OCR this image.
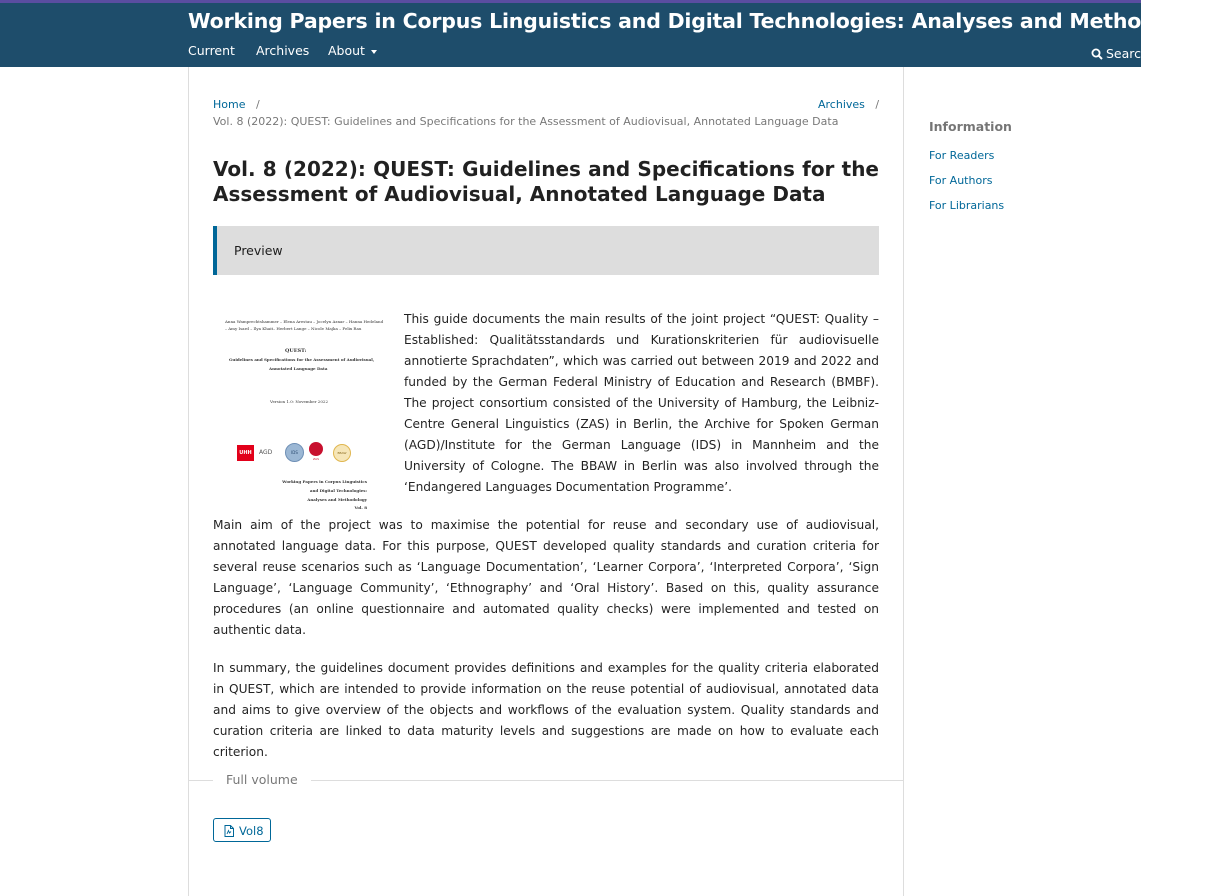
Working Papers in Corpus Linguistics and Digital Technologies: Analyses and Methodology
Current Archives About	Search
Home /
Vol. 8 (2022): QUEST: Guidelines and Specifications for the Assessment of Audiovisual, Annotated Language Data
Archives /
Vol. 8 (2022): QUEST: Guidelines and Specifications for the Assessment of Audiovisual, Annotated Language Data
Preview
Anna Wamprechtshammer – Elena Arestau – Jocelyn Aznar – Hanna Hedeland
– Amy Isard – Ilya Khait– Herbert Lange – Nicole Majka – Felix Rau
QUEST:
Guidelines and Specifications for the Assessment of Audiovisual,
Annotated Language Data
Version 1.0: November 2022
UHH	AGD	IDS
ZAS
BBAW
Working Papers in Corpus Linguistics
and Digital Technologies:
Analyses and Methodology
Vol. 8

This guide documents the main results of the joint project “QUEST: Quality – Established: Qualitätsstandards und Kurationskriterien für audiovisuelle annotierte Sprachdaten”, which was carried out between 2019 and 2022 and funded by the German Federal Ministry of Education and Research (BMBF). The project consortium consisted of the University of Hamburg, the Leibniz-Centre General Linguistics (ZAS) in Berlin, the Archive for Spoken German (AGD)/Institute for the German Language (IDS) in Mannheim and the University of Cologne. The BBAW in Berlin was also involved through the ‘Endangered Languages Documentation Programme’.

Main aim of the project was to maximise the potential for reuse and secondary use of audiovisual, annotated language data. For this purpose, QUEST developed quality standards and curation criteria for several reuse scenarios such as ‘Language Documentation’, ‘Learner Corpora’, ‘Interpreted Corpora’, ‘Sign Language’, ‘Language Community’, ‘Ethnography’ and ‘Oral History’. Based on this, quality assurance procedures (an online questionnaire and automated quality checks) were implemented and tested on authentic data.

In summary, the guidelines document provides definitions and examples for the quality criteria elaborated in QUEST, which are intended to provide information on the reuse potential of audiovisual, annotated data and aims to give overview of the objects and workflows of the evaluation system. Quality standards and curation criteria are linked to data maturity levels and suggestions are made on how to evaluate each criterion.

Full volume
Vol8
Information
For Readers
For Authors
For Librarians
